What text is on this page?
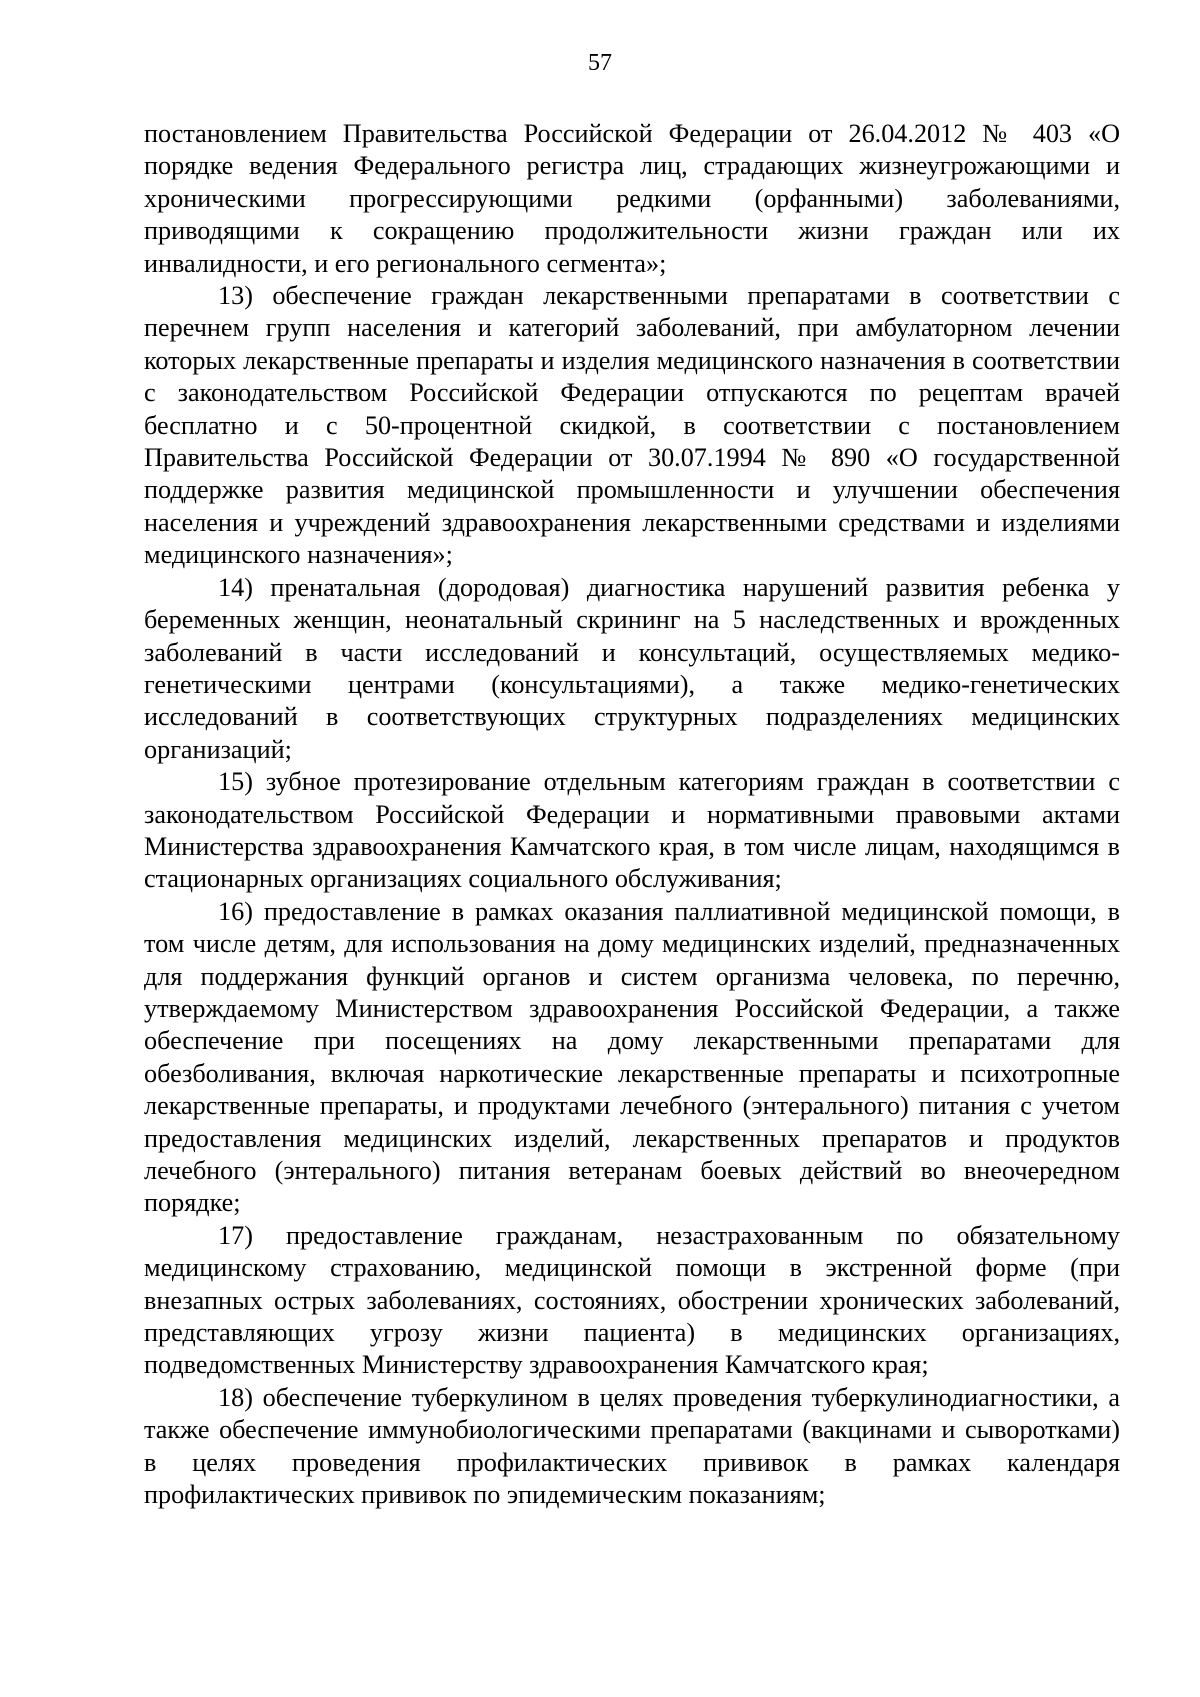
57

постановлением Правительства Российской Федерации от 26.04.2012 № 403 «О порядке ведения Федерального регистра лиц, страдающих жизнеугрожающими и хроническими прогрессирующими редкими (орфанными) заболеваниями, приводящими к сокращению продолжительности жизни граждан или их инвалидности, и его регионального сегмента»;

13) обеспечение граждан лекарственными препаратами в соответствии с перечнем групп населения и категорий заболеваний, при амбулаторном лечении которых лекарственные препараты и изделия медицинского назначения в соответствии с законодательством Российской Федерации отпускаются по рецептам врачей бесплатно и с 50-процентной скидкой, в соответствии с постановлением Правительства Российской Федерации от 30.07.1994 № 890 «О государственной поддержке развития медицинской промышленности и улучшении обеспечения населения и учреждений здравоохранения лекарственными средствами и изделиями медицинского назначения»;

14) пренатальная (дородовая) диагностика нарушений развития ребенка у беременных женщин, неонатальный скрининг на 5 наследственных и врожденных заболеваний в части исследований и консультаций, осуществляемых медико-генетическими центрами (консультациями), а также медико-генетических исследований в соответствующих структурных подразделениях медицинских организаций;

15) зубное протезирование отдельным категориям граждан в соответствии с законодательством Российской Федерации и нормативными правовыми актами Министерства здравоохранения Камчатского края, в том числе лицам, находящимся в стационарных организациях социального обслуживания;

16) предоставление в рамках оказания паллиативной медицинской помощи, в том числе детям, для использования на дому медицинских изделий, предназначенных для поддержания функций органов и систем организма человека, по перечню, утверждаемому Министерством здравоохранения Российской Федерации, а также обеспечение при посещениях на дому лекарственными препаратами для обезболивания, включая наркотические лекарственные препараты и психотропные лекарственные препараты, и продуктами лечебного (энтерального) питания с учетом предоставления медицинских изделий, лекарственных препаратов и продуктов лечебного (энтерального) питания ветеранам боевых действий во внеочередном порядке;

17) предоставление гражданам, незастрахованным по обязательному медицинскому страхованию, медицинской помощи в экстренной форме (при внезапных острых заболеваниях, состояниях, обострении хронических заболеваний, представляющих угрозу жизни пациента) в медицинских организациях, подведомственных Министерству здравоохранения Камчатского края;

18) обеспечение туберкулином в целях проведения туберкулинодиагностики, а также обеспечение иммунобиологическими препаратами (вакцинами и сыворотками) в целях проведения профилактических прививок в рамках календаря профилактических прививок по эпидемическим показаниям;
